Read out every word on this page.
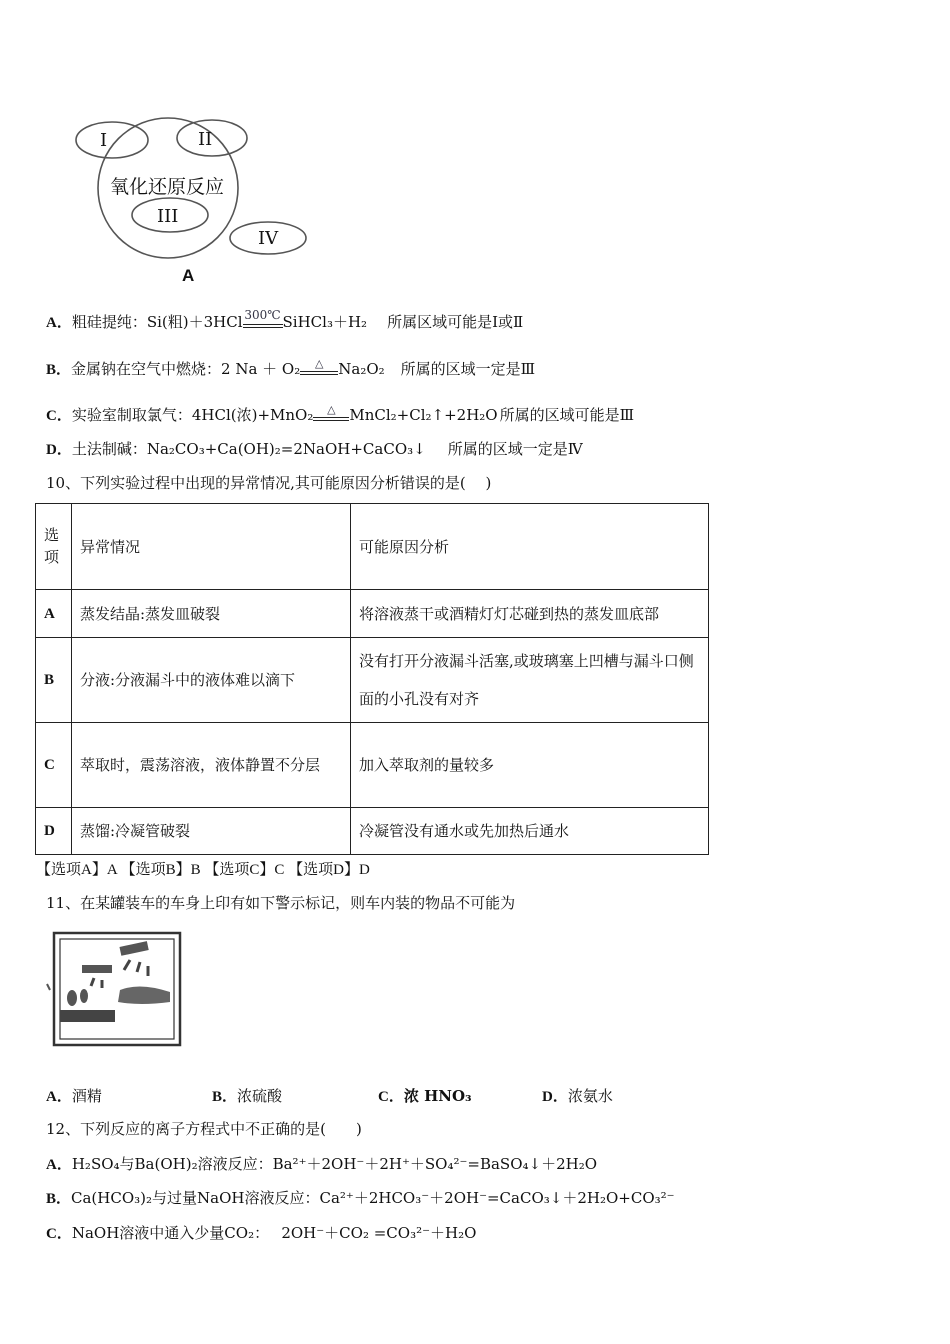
I	II
氧化还原反应
III
IV
A
A．粗硅提纯：Si(粗)＋3HCl 300℃ SiHCl₃＋H₂ 所属区域可能是Ⅰ或Ⅱ
B．金属钠在空气中燃烧：2 Na ＋ O₂	△ Na₂O₂ 所属的区域一定是Ⅲ
C．实验室制取氯气：4HCl(浓)+MnO₂	△ MnCl₂+Cl₂↑+2H₂O 所属的区域可能是Ⅲ
D．土法制碱：Na₂CO₃+Ca(OH)₂=2NaOH+CaCO₃↓ 所属的区域一定是Ⅳ
10、下列实验过程中出现的异常情况,其可能原因分析错误的是(　 )
选项	异常情况	可能原因分析
A	蒸发结晶:蒸发皿破裂	将溶液蒸干或酒精灯灯芯碰到热的蒸发皿底部
B	分液:分液漏斗中的液体难以滴下	没有打开分液漏斗活塞,或玻璃塞上凹槽与漏斗口侧面的小孔没有对齐
C	萃取时，震荡溶液，液体静置不分层	加入萃取剂的量较多
D	蒸馏:冷凝管破裂	冷凝管没有通水或先加热后通水
【选项A】A 【选项B】B 【选项C】C 【选项D】D
11、在某罐装车的车身上印有如下警示标记，则车内装的物品不可能为
A．酒精	B．浓硫酸	C．浓 HNO₃	D．浓氨水
12、下列反应的离子方程式中不正确的是(　　)
A．H₂SO₄与Ba(OH)₂溶液反应：Ba²⁺＋2OH⁻＋2H⁺＋SO₄²⁻=BaSO₄↓＋2H₂O
B．Ca(HCO₃)₂与过量NaOH溶液反应：Ca²⁺＋2HCO₃⁻＋2OH⁻=CaCO₃↓＋2H₂O+CO₃²⁻
C．NaOH溶液中通入少量CO₂：　 2OH⁻＋CO₂ =CO₃²⁻＋H₂O
